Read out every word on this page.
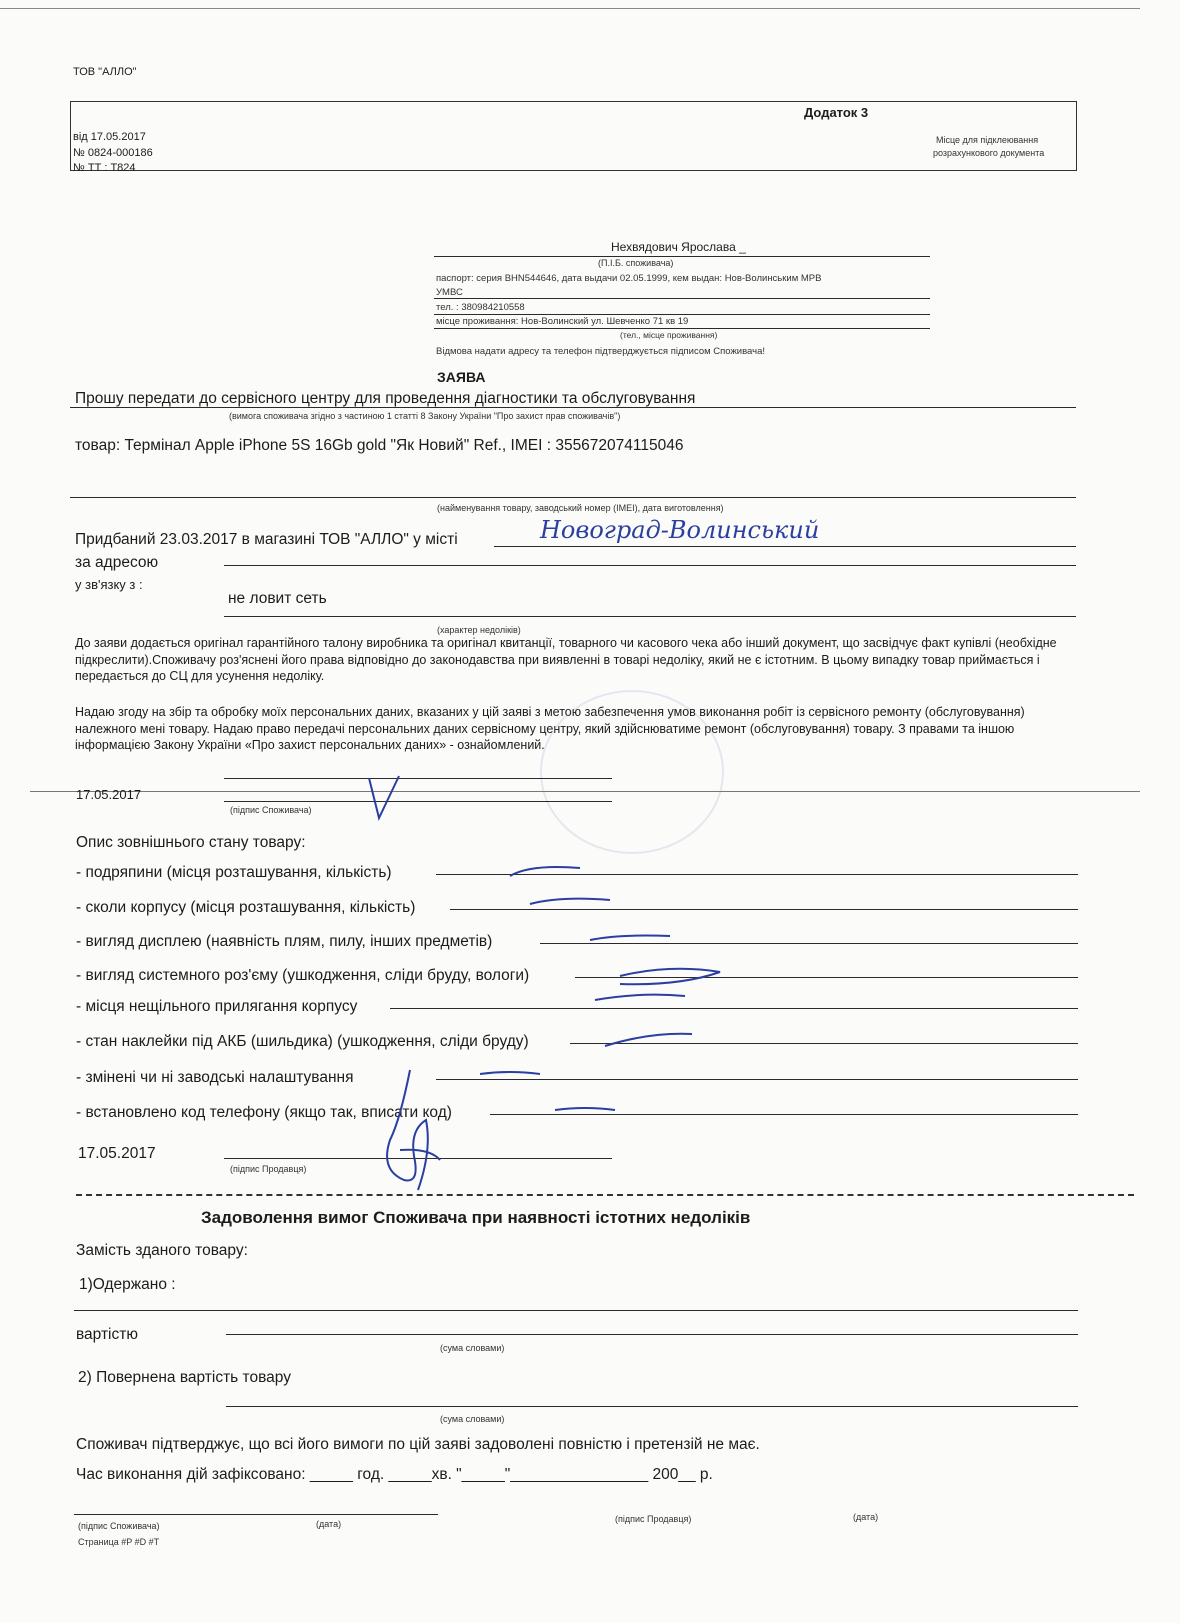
ТОВ "АЛЛО"
Додаток 3
від 17.05.2017
№ 0824-000186
№ ТТ : Т824
Місце для підклеювання
розрахункового документа
Нехвядович Ярослава _
(П.І.Б. споживача)
паспорт: серия ВНN544646, дата выдачи 02.05.1999, кем выдан: Нов-Волинським МРВ
УМВС
тел. : 380984210558
місце проживання: Нов-Волинский ул. Шевченко 71 кв 19
(тел., місце проживання)
Відмова надати адресу та телефон підтверджується підписом Споживача!
ЗАЯВА
Прошу передати до сервісного центру для проведення діагностики та обслуговування
(вимога споживача згідно з частиною 1 статті 8 Закону України "Про захист прав споживачів")
товар: Термінал Apple iPhone 5S 16Gb gold "Як Новий" Ref., IMEI : 355672074115046
(найменування товару, заводський номер (IMEI), дата виготовлення)
Придбаний 23.03.2017 в магазині ТОВ "АЛЛО" у місті	Новоград-Волинський
за адресою
у зв'язку з :
не ловит сеть
(характер недоліків)
До заяви додається оригінал гарантійного талону виробника та оригінал квитанції, товарного чи касового чека або інший документ, що засвідчує факт купівлі (необхідне підкреслити).Споживачу роз'яснені його права відповідно до законодавства при виявленні в товарі недоліку, який не є істотним. В цьому випадку товар приймається і передається до СЦ для усунення недоліку.
Надаю згоду на збір та обробку моїх персональних даних, вказаних у цій заяві з метою забезпечення умов виконання робіт із сервісного ремонту (обслуговування) належного мені товару. Надаю право передачі персональних даних сервісному центру, який здійснюватиме ремонт (обслуговування) товару. З правами та іншою інформацією Закону України «Про захист персональних даних» - ознайомлений.
17.05.2017
(підпис Споживача)
Опис зовнішнього стану товару:
- подряпини (місця розташування, кількість)
- сколи корпусу (місця розташування, кількість)
- вигляд дисплею (наявність плям, пилу, інших предметів)
- вигляд системного роз'єму (ушкодження, сліди бруду, вологи)
- місця нещільного прилягання корпусу
- стан наклейки під АКБ (шильдика) (ушкодження, сліди бруду)
- змінені чи ні заводські налаштування
- встановлено код телефону (якщо так, вписати код)
17.05.2017
(підпис Продавця)
Задоволення вимог Споживача при наявності істотних недоліків
Замість зданого товару:
1)Одержано :
вартістю
(сума словами)
2) Повернена вартість товару
(сума словами)
Споживач підтверджує, що всі його вимоги по цій заяві задоволені повністю і претензій не має.
Час виконання дій зафіксовано: _____ год. _____хв. "_____"________________ 200__ р.
(підпис Споживача)	(дата)	(підпис Продавця)	(дата)
Страница #P #D #T
